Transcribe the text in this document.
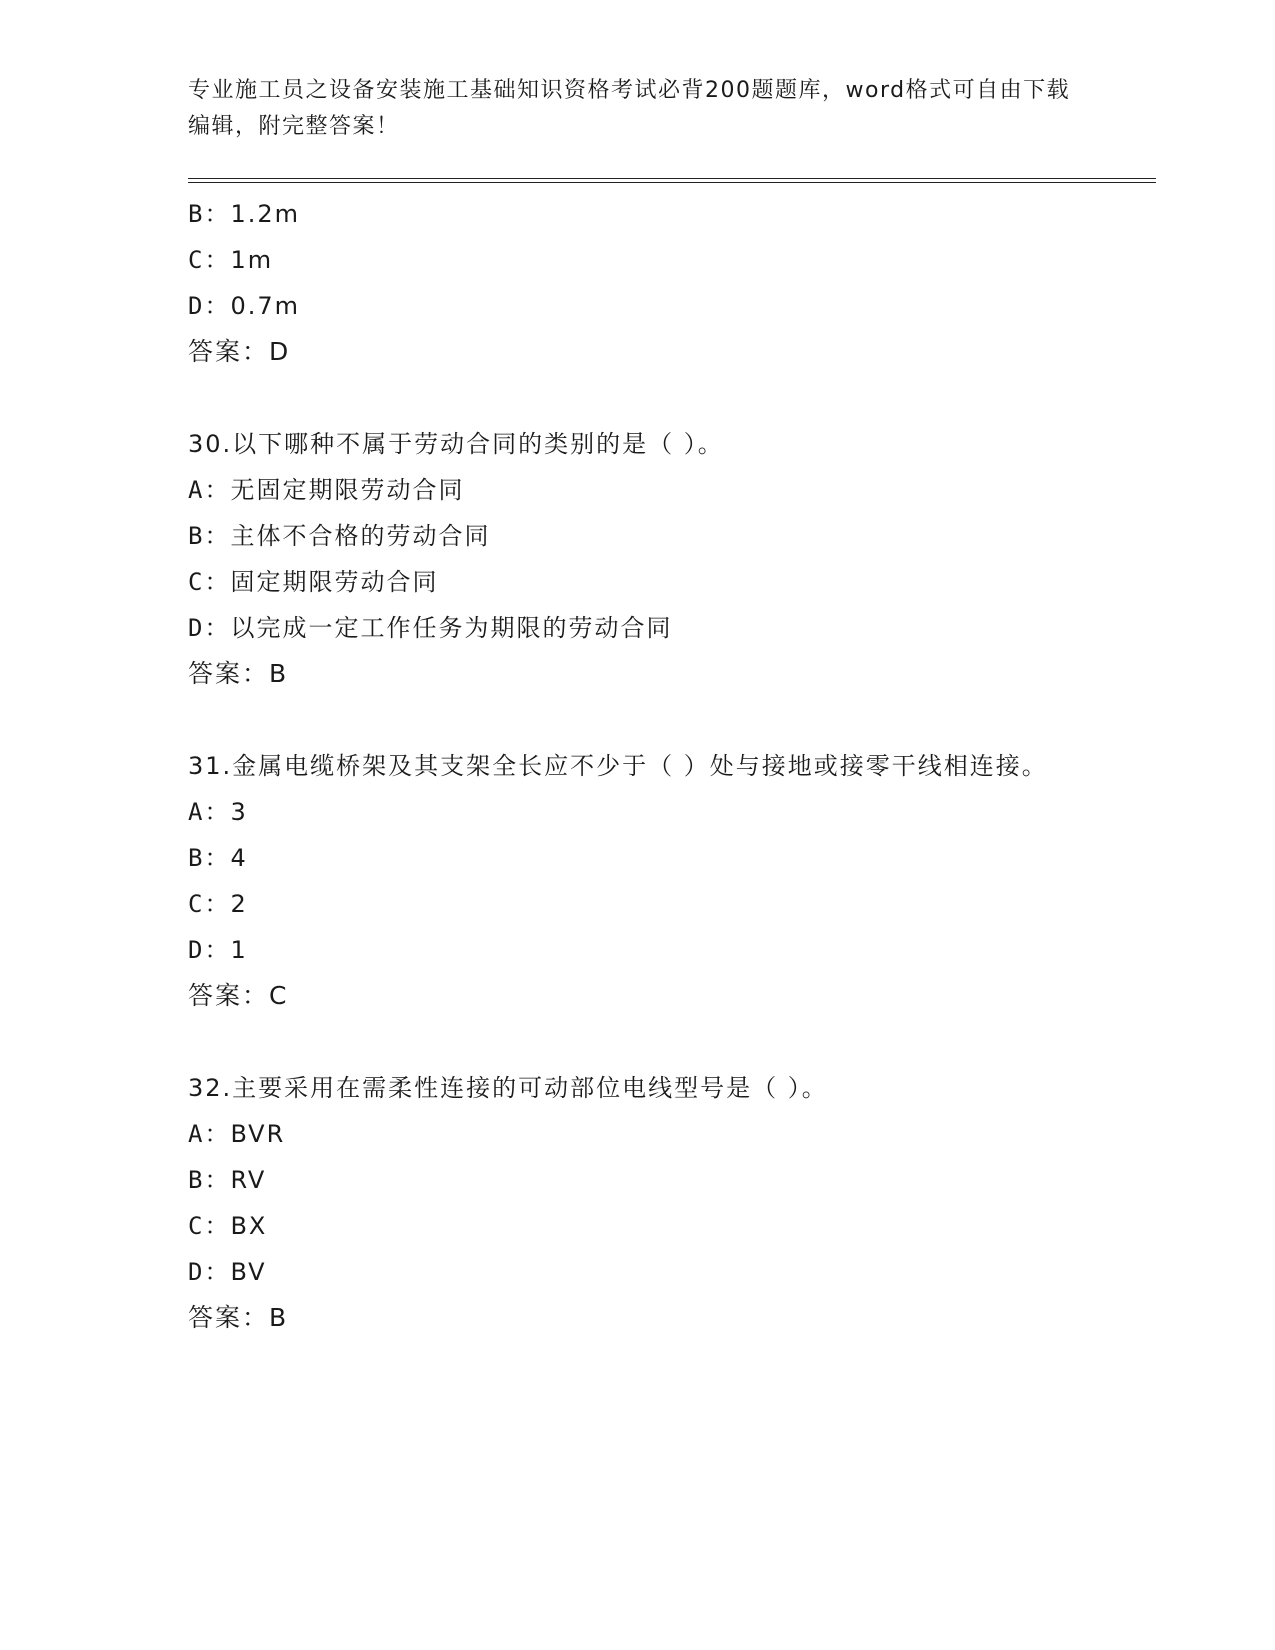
专业施工员之设备安装施工基础知识资格考试必背200题题库，word格式可自由下载编辑，附完整答案！
B：1.2m
C：1m
D：0.7m
答案：D
30.以下哪种不属于劳动合同的类别的是（ ）。
A：无固定期限劳动合同
B：主体不合格的劳动合同
C：固定期限劳动合同
D：以完成一定工作任务为期限的劳动合同
答案：B
31.金属电缆桥架及其支架全长应不少于（ ）处与接地或接零干线相连接。
A：3
B：4
C：2
D：1
答案：C
32.主要采用在需柔性连接的可动部位电线型号是（ ）。
A：BVR
B：RV
C：BX
D：BV
答案：B
